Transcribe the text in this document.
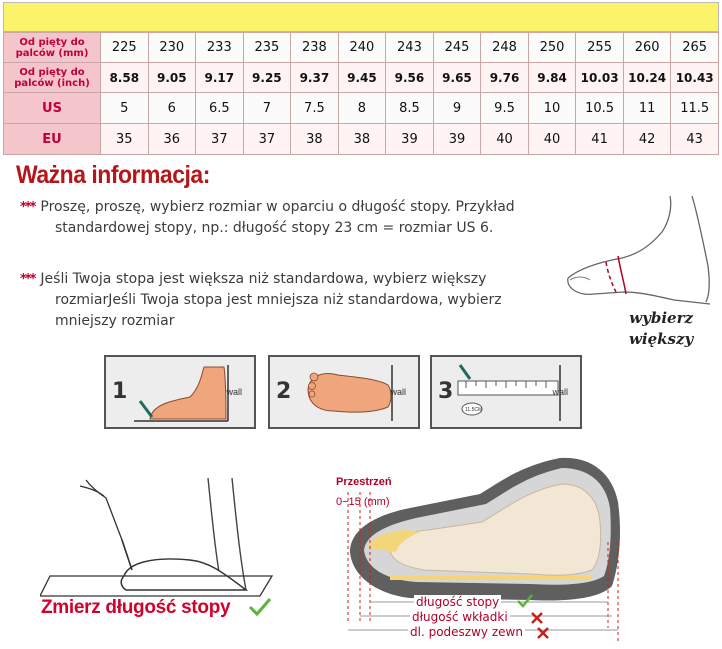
Od pięty do palców (mm)	225	230	233	235	238	240	243	245	248	250	255	260	265
Od pięty do palców (inch)	8.58	9.05	9.17	9.25	9.37	9.45	9.56	9.65	9.76	9.84	10.03	10.24	10.43
US	5	6	6.5	7	7.5	8	8.5	9	9.5	10	10.5	11	11.5
EU	35	36	37	37	38	38	39	39	40	40	41	42	43
Ważna informacja:

*** Proszę, proszę, wybierz rozmiar w oparciu o długość stopy. Przykład

standardowej stopy, np.: długość stopy 23 cm = rozmiar US 6.

*** Jeśli Twoja stopa jest większa niż standardowa, wybierz większy

rozmiarJeśli Twoja stopa jest mniejsza niż standardowa, wybierz

mniejszy rozmiar	wybierz
większy
1	wall 2	wall 3
11.5CM
wall
Zmierz długość stopy
Przestrzeń
0−15 (mm)
długość stopy
długość wkładki
dl. podeszwy zewn
